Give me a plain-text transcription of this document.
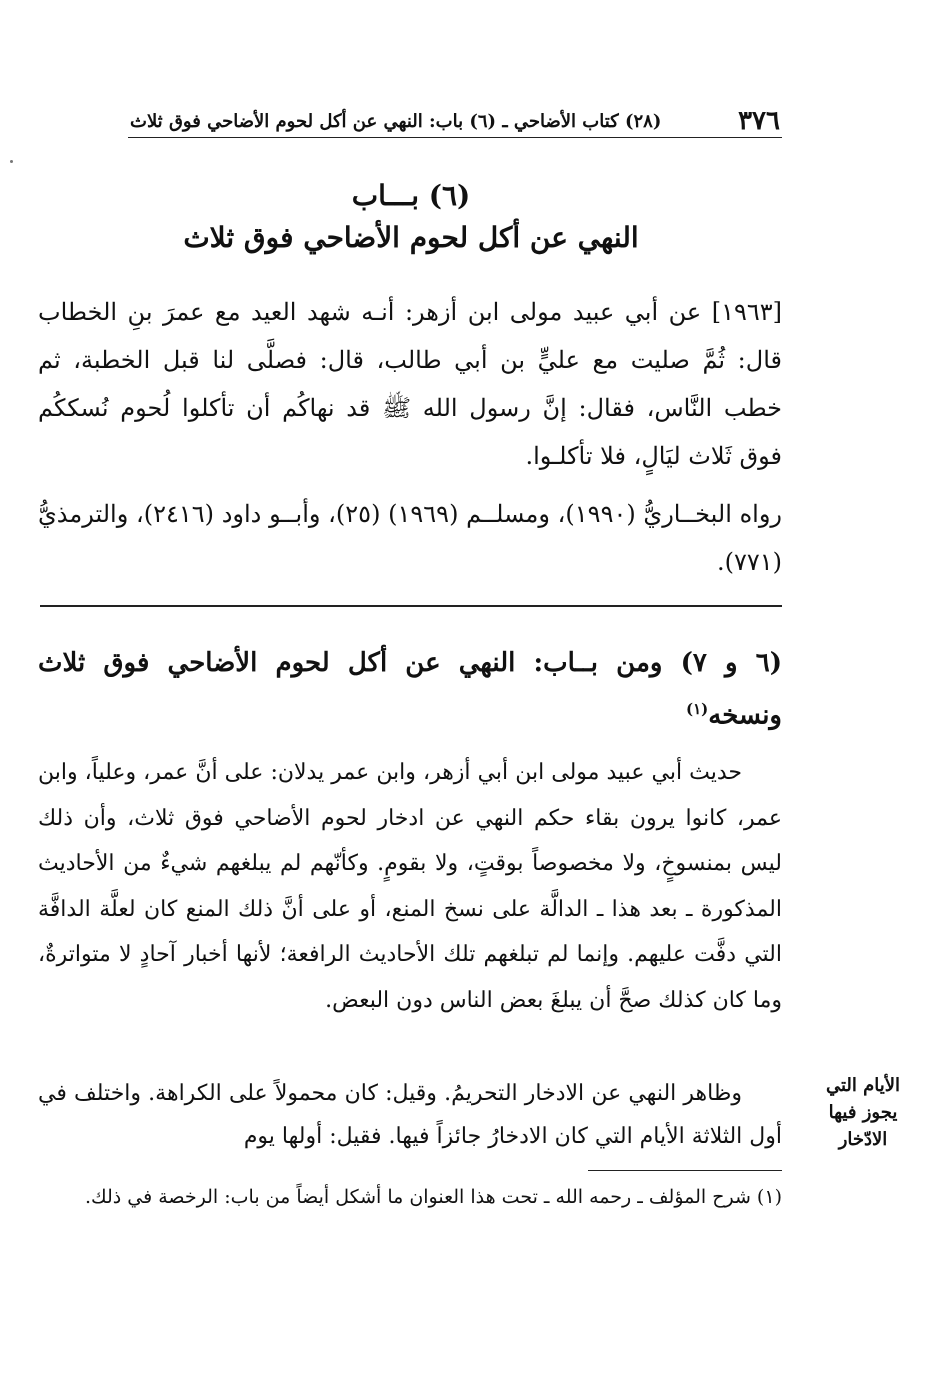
٣٧٦
(٢٨) كتاب الأضاحي ـ (٦) باب: النهي عن أكل لحوم الأضاحي فوق ثلاث
(٦) بـــاب
النهي عن أكل لحوم الأضاحي فوق ثلاث

[١٩٦٣] عن أبي عبيد مولى ابن أزهر: أنـه شهد العيد مع عمرَ بنِ الخطاب قال: ثُمَّ صليت مع عليٍّ بن أبي طالب، قال: فصلَّى لنا قبل الخطبة، ثم خطب النَّاس، فقال: إنَّ رسول الله ﷺ قد نهاكُم أن تأكلوا لُحوم نُسككُم فوق ثَلاث ليَالٍ، فلا تأكلـوا.

رواه البخــاريُّ (١٩٩٠)، ومسلــم (١٩٦٩) (٢٥)، وأبــو داود (٢٤١٦)، والترمذيُّ (٧٧١).

(٦ و ٧) ومن بــاب: النهي عن أكل لحوم الأضاحي فوق ثلاث ونسخه$^{(١)}$

حديث أبي عبيد مولى ابن أبي أزهر، وابن عمر يدلان: على أنَّ عمر، وعلياً، وابن عمر، كانوا يرون بقاء حكم النهي عن ادخار لحوم الأضاحي فوق ثلاث، وأن ذلك ليس بمنسوخٍ، ولا مخصوصاً بوقتٍ، ولا بقومٍ. وكأنّهم لم يبلغهم شيءٌ من الأحاديث المذكورة ـ بعد هذا ـ الدالَّة على نسخ المنع، أو على أنَّ ذلك المنع كان لعلَّة الدافَّة التي دفَّت عليهم. وإنما لم تبلغهم تلك الأحاديث الرافعة؛ لأنها أخبار آحادٍ لا متواترةٌ، وما كان كذلك صحَّ أن يبلغَ بعض الناس دون البعض.

وظاهر النهي عن الادخار التحريمُ. وقيل: كان محمولاً على الكراهة. واختلف في أول الثلاثة الأيام التي كان الادخارُ جائزاً فيها. فقيل: أولها يوم

الأيام التي
يجوز فيها
الادّخار

(١) شرح المؤلف ـ رحمه الله ـ تحت هذا العنوان ما أشكل أيضاً من باب: الرخصة في ذلك.
